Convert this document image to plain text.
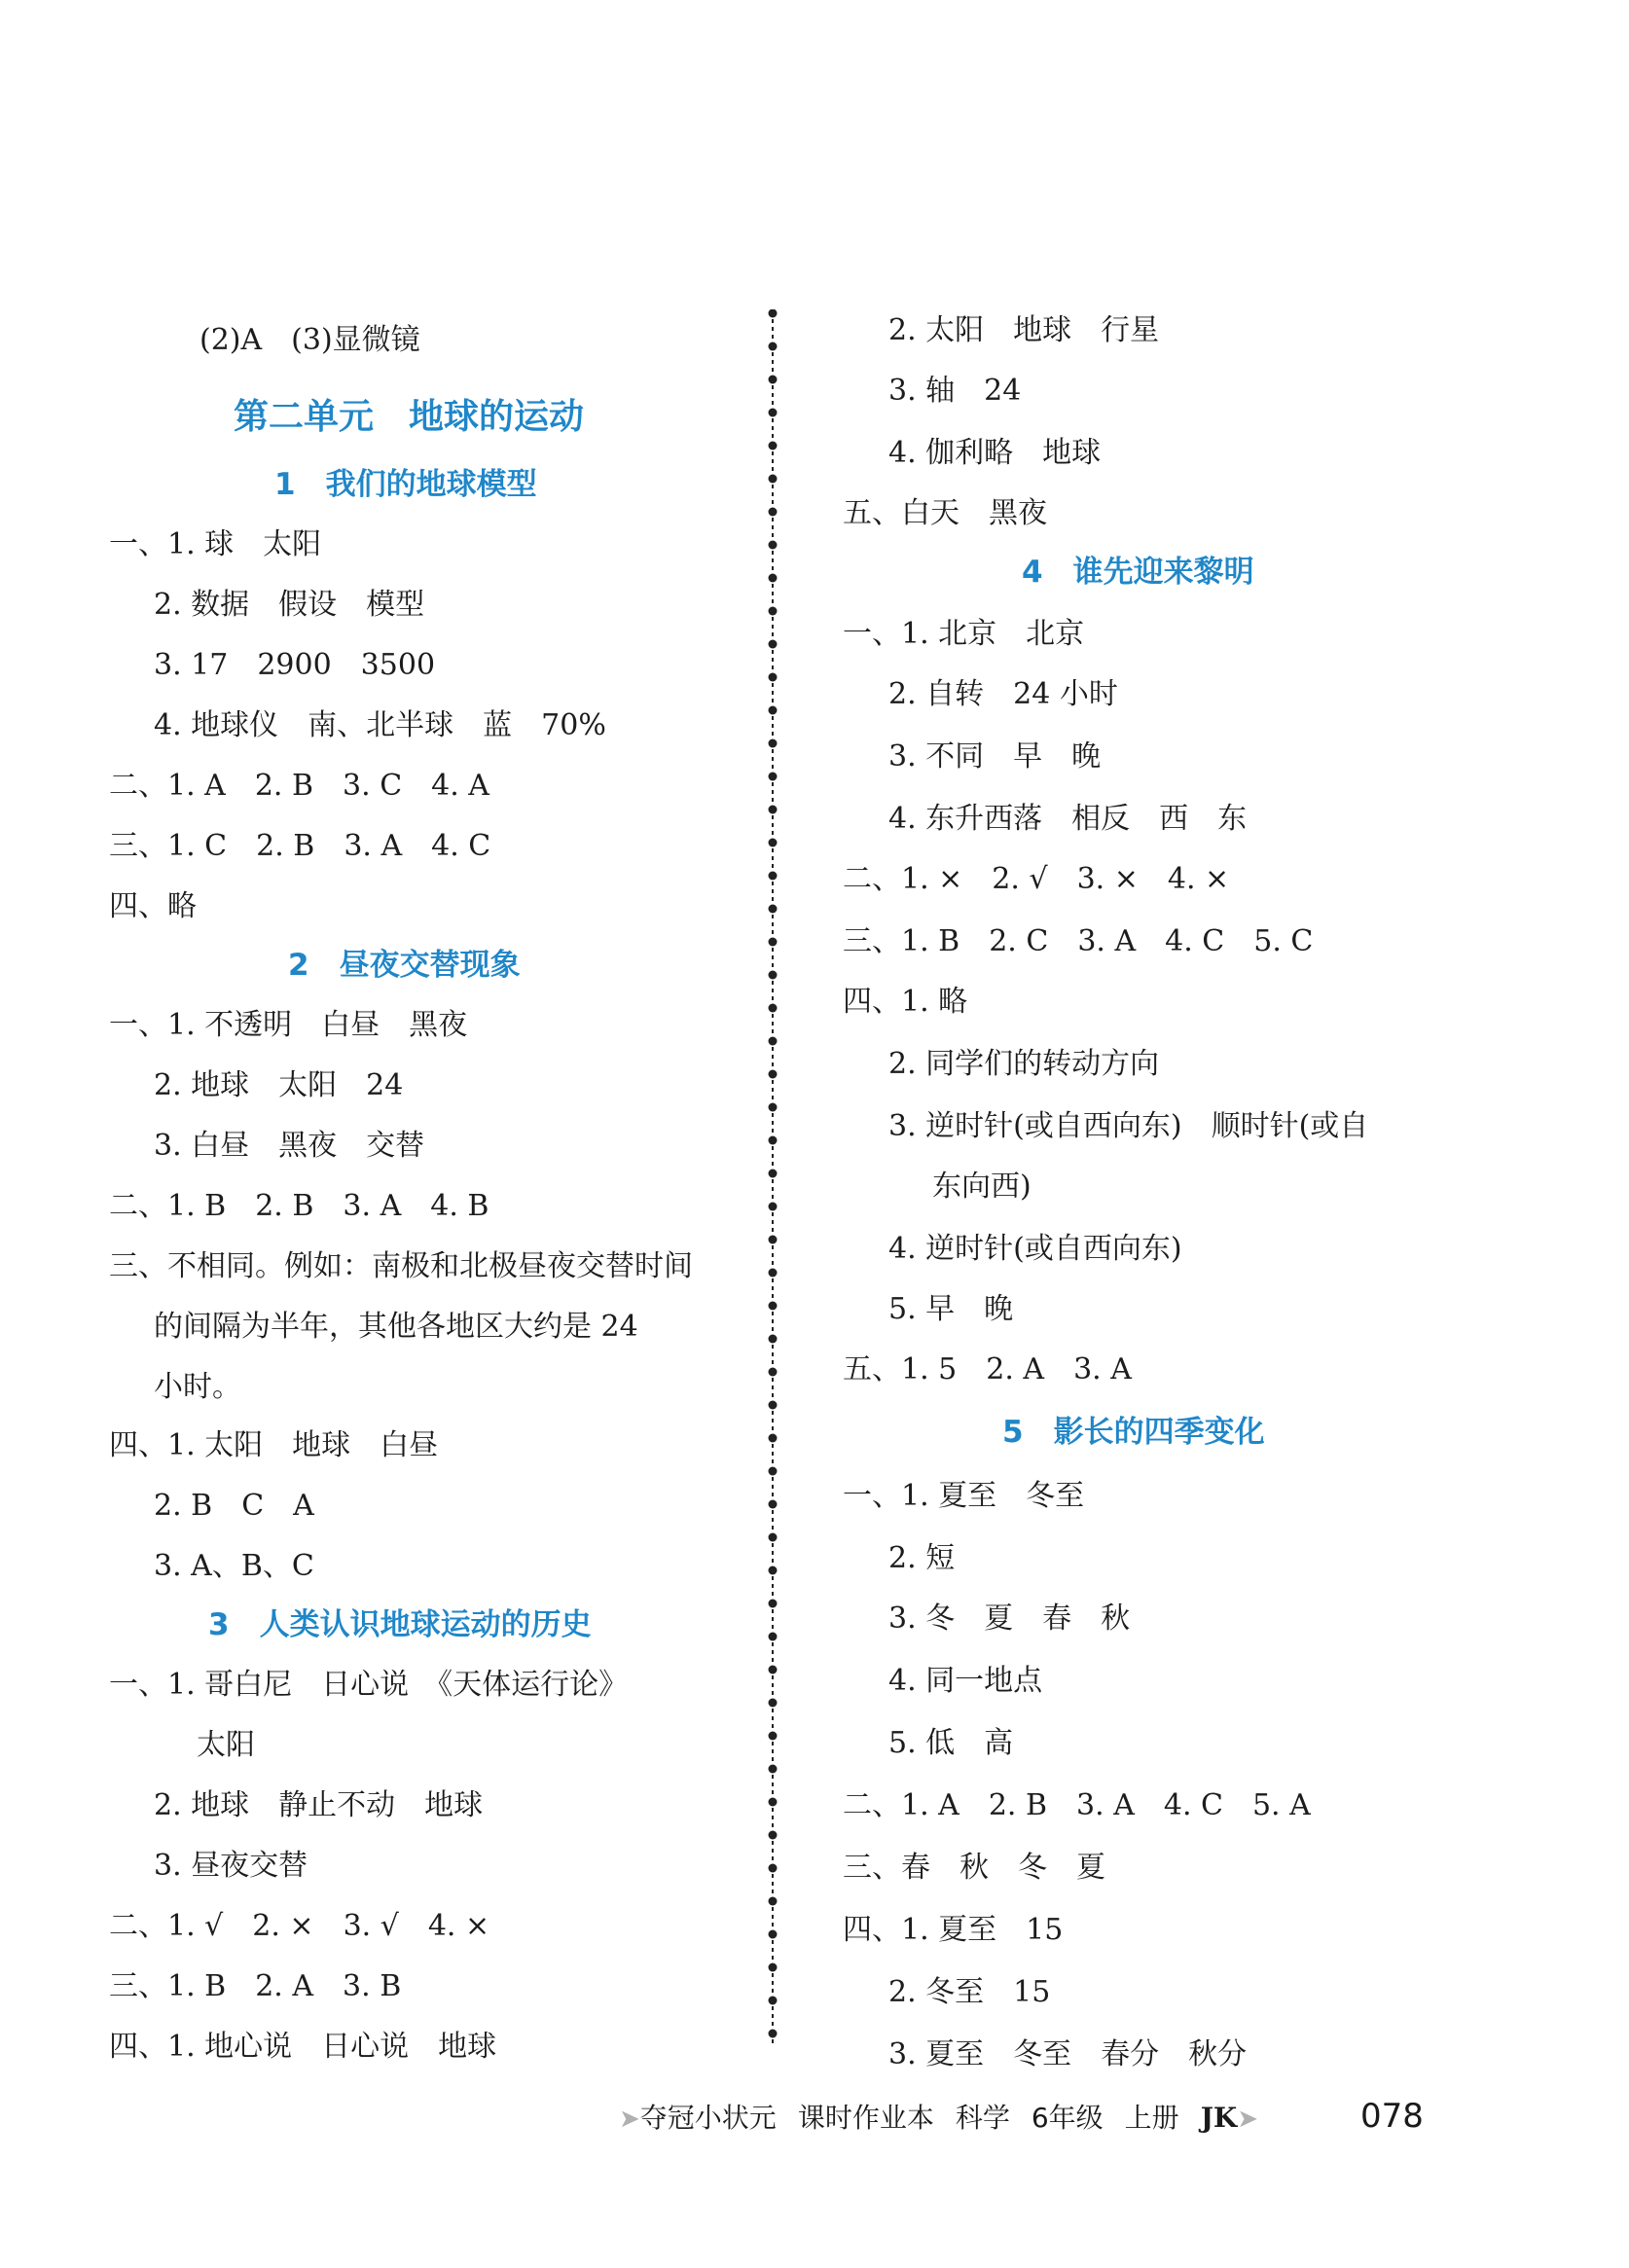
(2)A　(3)显微镜
第二单元　地球的运动
1　我们的地球模型
一、1. 球　太阳
2. 数据　假设　模型
3. 17　2900　3500
4. 地球仪　南、北半球　蓝　70%
二、1. A　2. B　3. C　4. A
三、1. C　2. B　3. A　4. C
四、略
2　昼夜交替现象
一、1. 不透明　白昼　黑夜
2. 地球　太阳　24
3. 白昼　黑夜　交替
二、1. B　2. B　3. A　4. B
三、不相同。例如：南极和北极昼夜交替时间
的间隔为半年，其他各地区大约是 24
小时。
四、1. 太阳　地球　白昼
2. B　C　A
3. A、B、C
3　人类认识地球运动的历史
一、1. 哥白尼　日心说　《天体运行论》
太阳
2. 地球　静止不动　地球
3. 昼夜交替
二、1. √　2. ×　3. √　4. ×
三、1. B　2. A　3. B
四、1. 地心说　日心说　地球
2. 太阳　地球　行星
3. 轴　24
4. 伽利略　地球
五、白天　黑夜
4　谁先迎来黎明
一、1. 北京　北京
2. 自转　24 小时
3. 不同　早　晚
4. 东升西落　相反　西　东
二、1. ×　2. √　3. ×　4. ×
三、1. B　2. C　3. A　4. C　5. C
四、1. 略
2. 同学们的转动方向
3. 逆时针(或自西向东)　顺时针(或自
东向西)
4. 逆时针(或自西向东)
5. 早　晚
五、1. 5　2. A　3. A
5　影长的四季变化
一、1. 夏至　冬至
2. 短
3. 冬　夏　春　秋
4. 同一地点
5. 低　高
二、1. A　2. B　3. A　4. C　5. A
三、春　秋　冬　夏
四、1. 夏至　15
2. 冬至　15
3. 夏至　冬至　春分　秋分
➤夺冠小状元 课时作业本 科学 6年级 上册 JK➤	078
